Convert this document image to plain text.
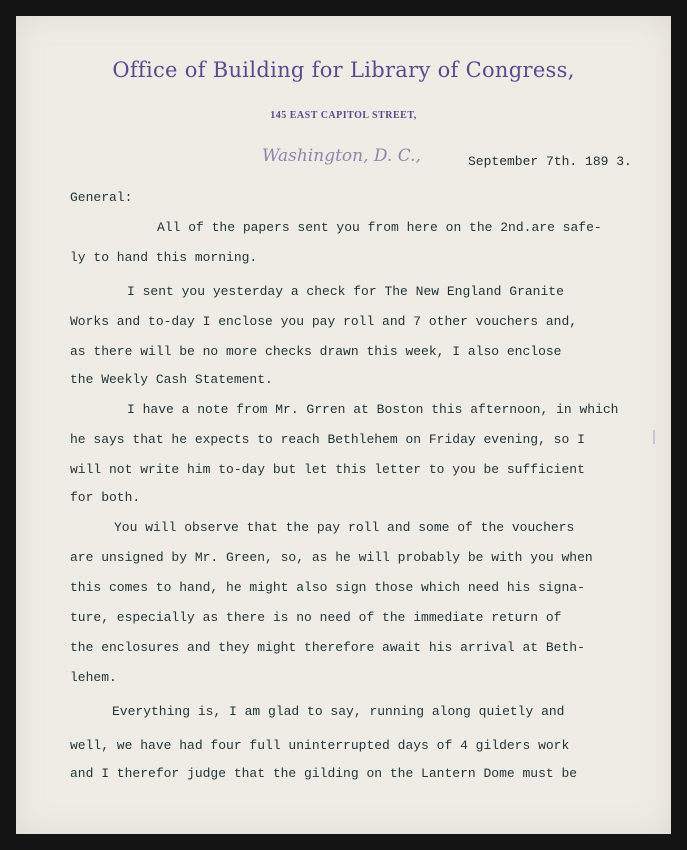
Office of Building for Library of Congress,
145 EAST CAPITOL STREET,
Washington, D. C.,	September 7th. 189 3.
General:
All of the papers sent you from here on the 2nd.are safe-
ly to hand this morning.
I sent you yesterday a check for The New England Granite
Works and to-day I enclose you pay roll and 7 other vouchers and,
as there will be no more checks drawn this week, I also enclose
the Weekly Cash Statement.
I have a note from Mr. Grren at Boston this afternoon, in which
he says that he expects to reach Bethlehem on Friday evening, so I
will not write him to-day but let this letter to you be sufficient
for both.
You will observe that the pay roll and some of the vouchers
are unsigned by Mr. Green, so, as he will probably be with you when
this comes to hand, he might also sign those which need his signa-
ture, especially as there is no need of the immediate return of
the enclosures and they might therefore await his arrival at Beth-
lehem.
Everything is, I am glad to say, running along quietly and
well, we have had four full uninterrupted days of 4 gilders work
and I therefor judge that the gilding on the Lantern Dome must be
